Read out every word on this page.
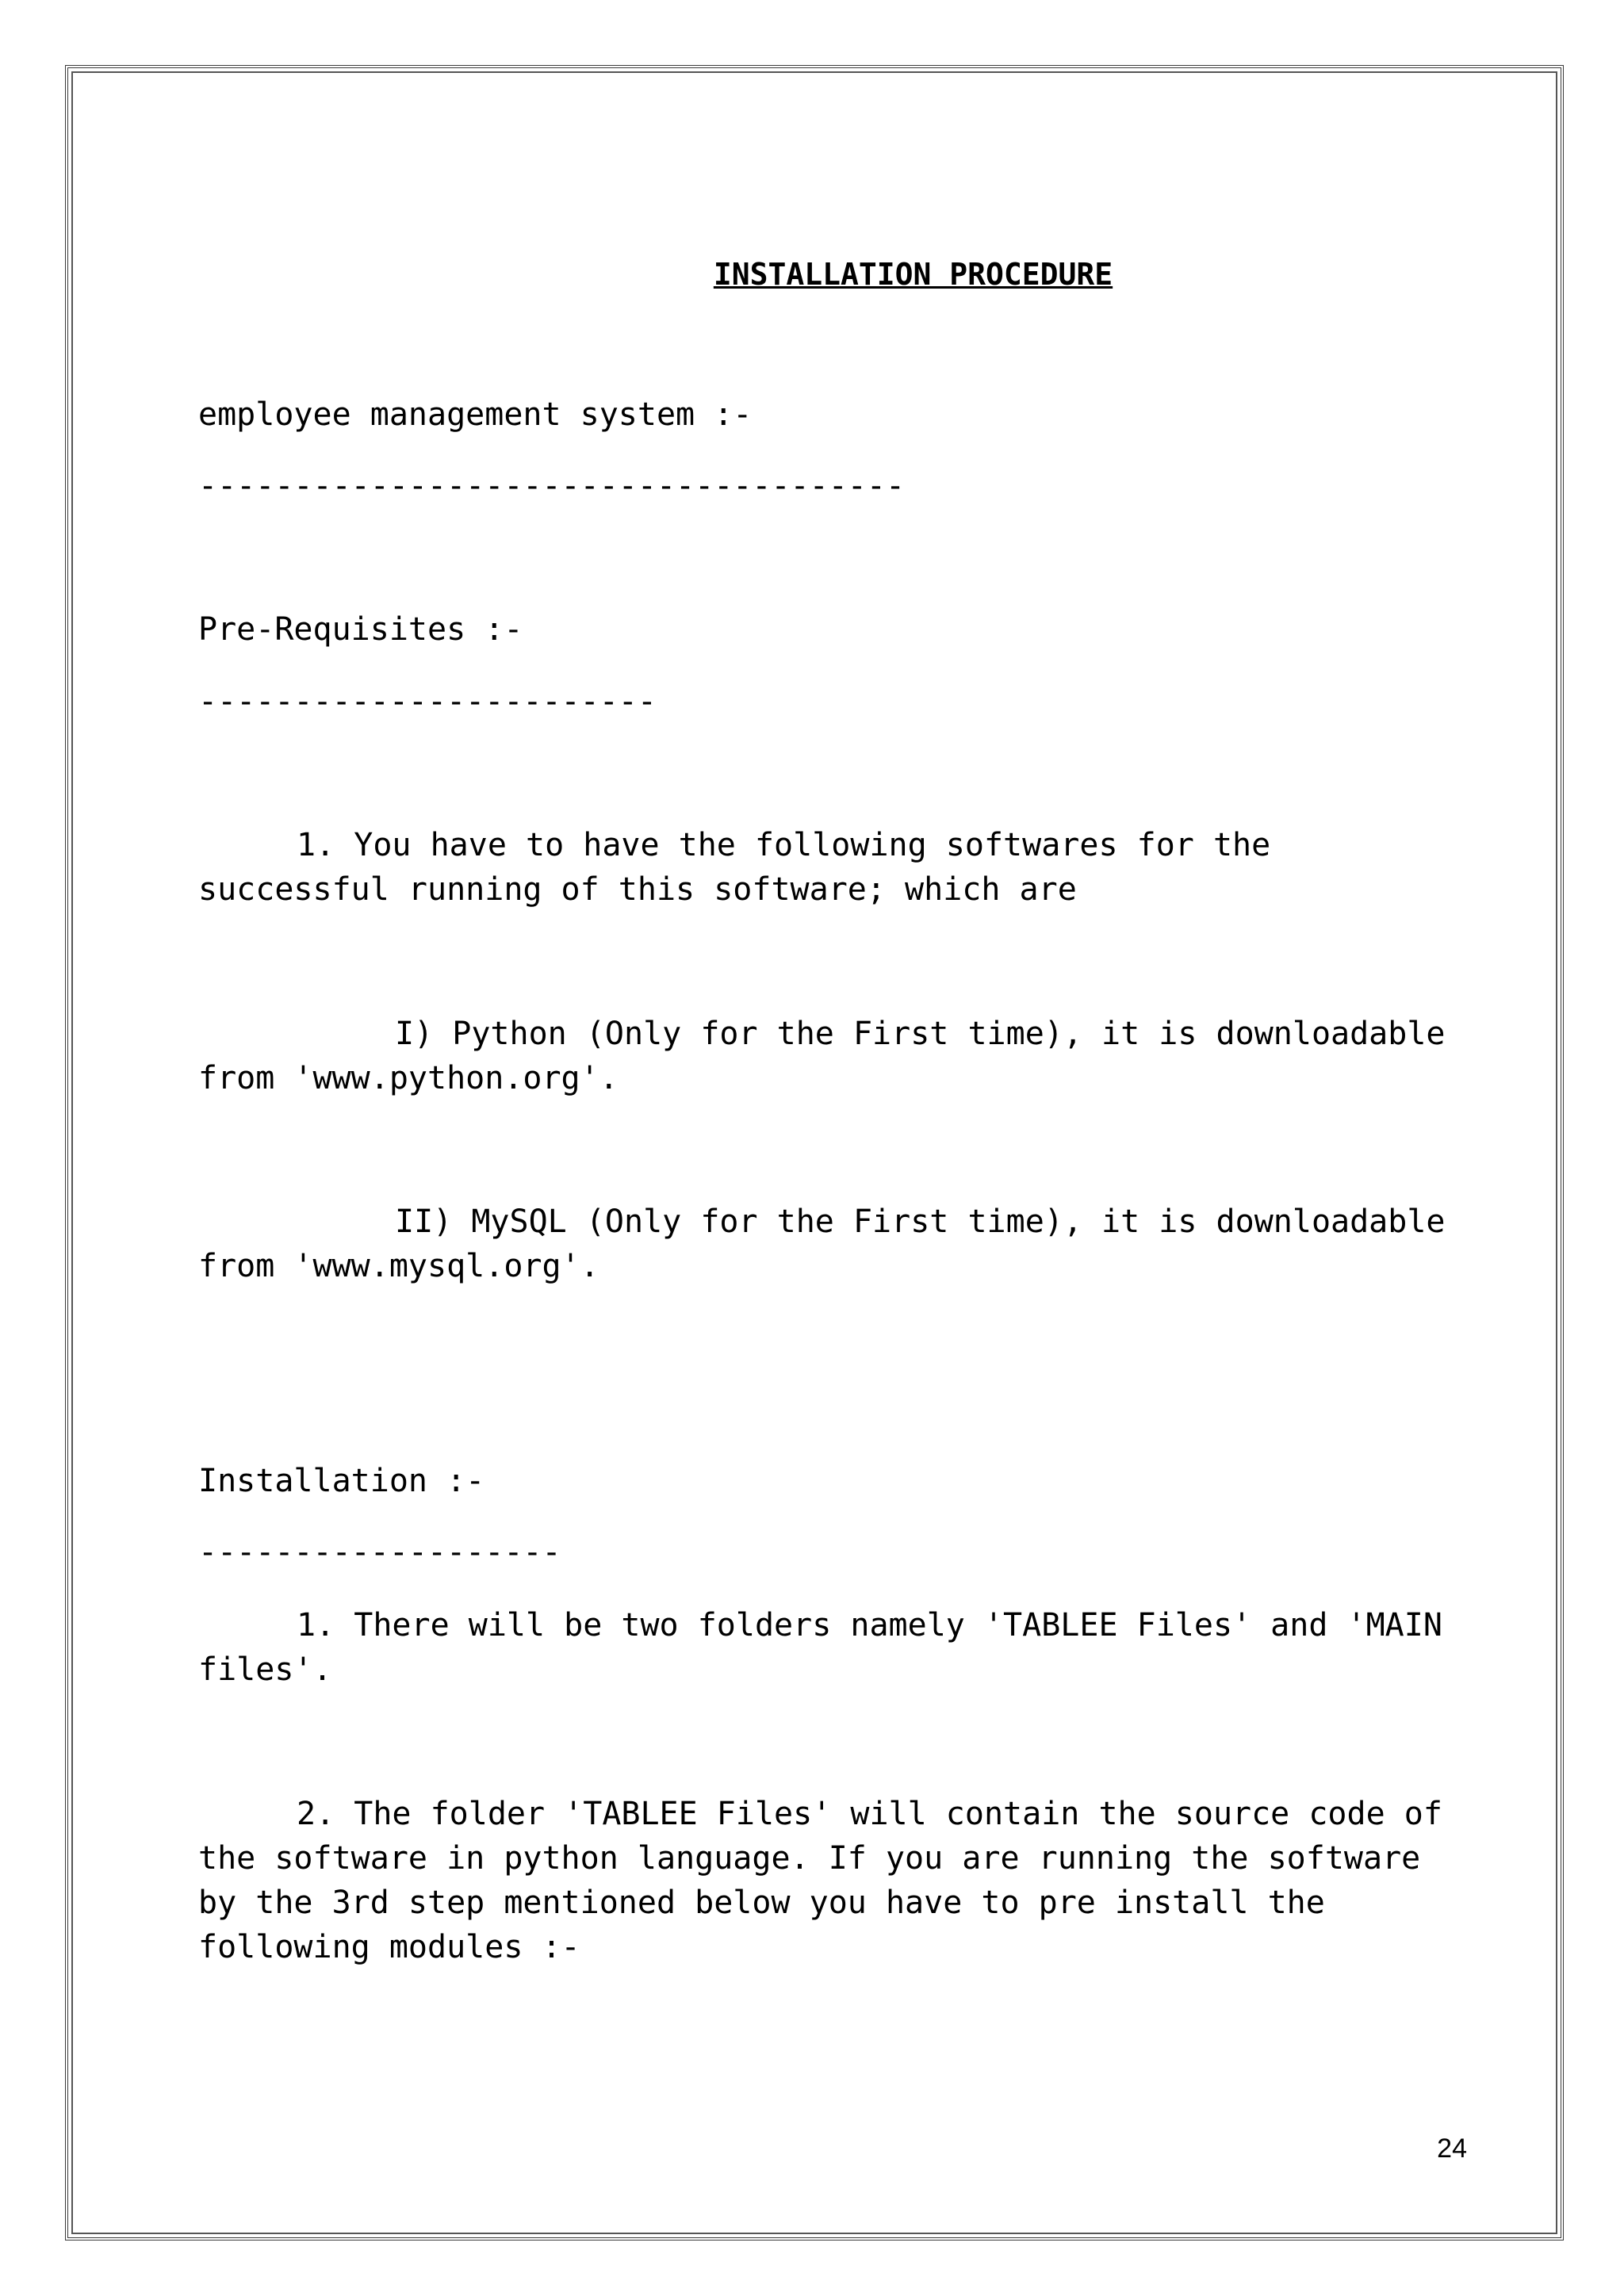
INSTALLATION PROCEDURE

employee management system :-

-------------------------------------

Pre-Requisites :-

------------------------

1. You have to have the following softwares for the successful running of this software; which are

I) Python (Only for the First time), it is downloadable from 'www.python.org'.

II) MySQL (Only for the First time), it is downloadable from 'www.mysql.org'.

Installation :-

-------------------

1. There will be two folders namely 'TABLEE Files' and 'MAIN files'.

2. The folder 'TABLEE Files' will contain the source code of the software in python language. If you are running the software by the 3rd step mentioned below you have to pre install the following modules :-

24
